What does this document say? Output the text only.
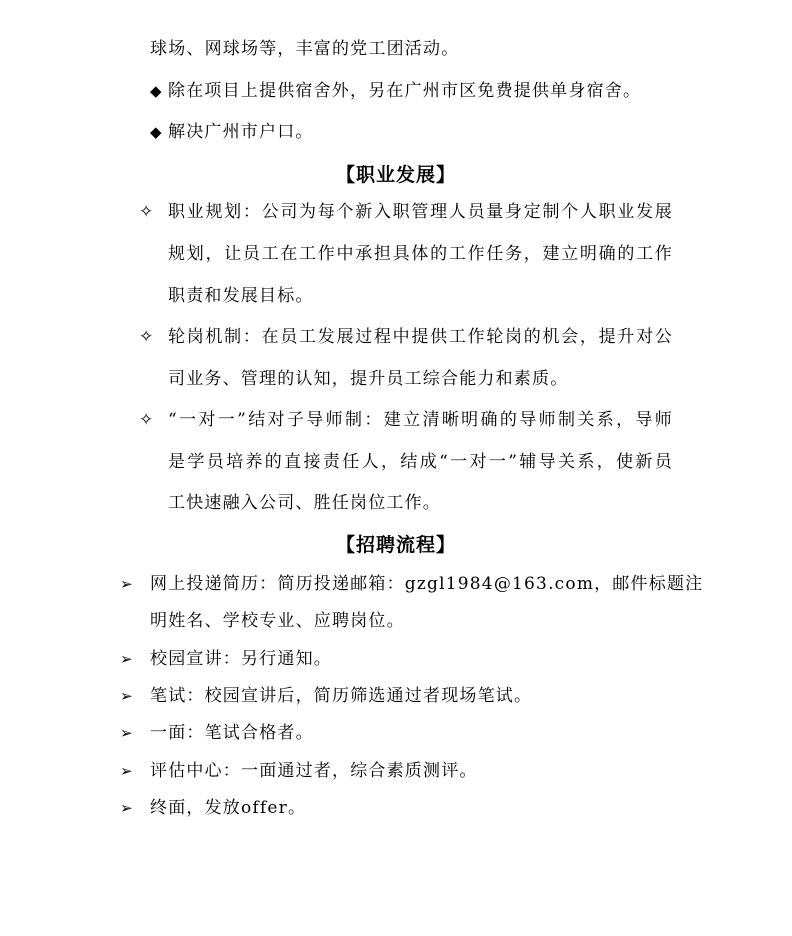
球场、网球场等，丰富的党工团活动。
◆ 除在项目上提供宿舍外，另在广州市区免费提供单身宿舍。
◆ 解决广州市户口。
【职业发展】
✧ 职业规划：公司为每个新入职管理人员量身定制个人职业发展
规划，让员工在工作中承担具体的工作任务，建立明确的工作
职责和发展目标。
✧ 轮岗机制：在员工发展过程中提供工作轮岗的机会，提升对公
司业务、管理的认知，提升员工综合能力和素质。
✧ “一对一”结对子导师制：建立清晰明确的导师制关系，导师
是学员培养的直接责任人，结成“一对一”辅导关系，使新员
工快速融入公司、胜任岗位工作。
【招聘流程】
➢ 网上投递简历：简历投递邮箱：gzgl1984@163.com，邮件标题注
明姓名、学校专业、应聘岗位。
➢ 校园宣讲：另行通知。
➢ 笔试：校园宣讲后，简历筛选通过者现场笔试。
➢ 一面：笔试合格者。
➢ 评估中心：一面通过者，综合素质测评。
➢ 终面，发放offer。
